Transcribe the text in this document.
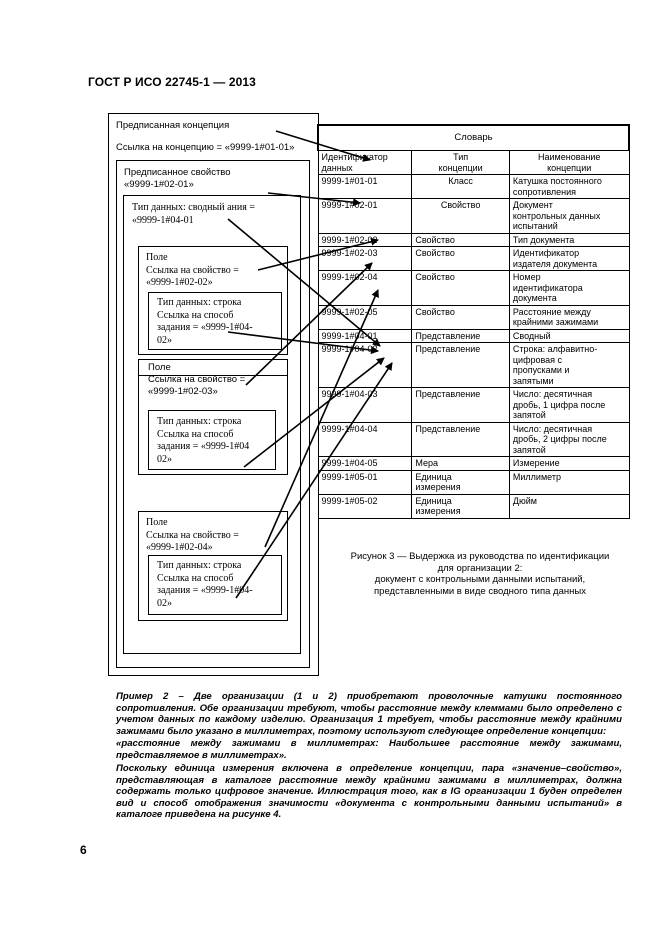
ГОСТ Р ИСО 22745-1 — 2013
Предписанная концепция
Ссылка на концепцию = «9999-1#01-01»
Предписанное свойство
«9999-1#02-01»
Тип данных: сводный ания =
«9999-1#04-01
Поле
Ссылка на свойство =
«9999-1#02-02»
Тип данных: строка
Ссылка на способ
задания = «9999-1#04-
02»
Поле
Ссылка на свойство =
«9999-1#02-03»
Тип данных: строка
Ссылка на способ
задания = «9999-1#04
02»
Поле
Ссылка на свойство =
«9999-1#02-04»
Тип данных: строка
Ссылка на способ
задания = «9999-1#04-
02»
Словарь		
Идентификатор
данных	Тип
концепции	Наименование
концепции
9999-1#01-01	Класс	Катушка постоянного
сопротивления
9999-1#02-01	Свойство	Документ
контрольных данных
испытаний
9999-1#02-02	Свойство	Тип документа
9999-1#02-03	Свойство	Идентификатор
издателя документа
9999-1#02-04	Свойство	Номер
идентификатора
документа
9999-1#02-05	Свойство	Расстояние между
крайними зажимами
9999-1#04-01	Представление	Сводный
9999-1#04-02	Представление	Строка: алфавитно-
цифровая с
пропусками и
запятыми
9999-1#04-03	Представление	Число: десятичная
дробь, 1 цифра после
запятой
9999-1#04-04	Представление	Число: десятичная
дробь, 2 цифры после
запятой
9999-1#04-05	Мера	Измерение
9999-1#05-01	Единица
измерения	Миллиметр
9999-1#05-02	Единица
измерения	Дюйм
Рисунок 3 — Выдержка из руководства по идентификации
для организации 2:
документ с контрольными данными испытаний,
представленными в виде сводного типа данных
Пример 2 – Две организации (1 и 2) приобретают проволочные катушки постоянного сопротивления. Обе организации требуют, чтобы расстояние между клеммами было определено с учетом данных по каждому изделию. Организация 1 требует, чтобы расстояние между крайними зажимами было указано в миллиметрах, поэтому используют следующее определение концепции:
«расстояние между зажимами в миллиметрах: Наибольшее расстояние между зажимами, представляемое в миллиметрах».
Поскольку единица измерения включена в определение концепции, пара «значение–свойство», представляющая в каталоге расстояние между крайними зажимами в миллиметрах, должна содержать только цифровое значение. Иллюстрация того, как в IG организации 1 буден определен вид и способ отображения значимости «документа с контрольными данными испытаний» в каталоге приведена на рисунке 4.
6
